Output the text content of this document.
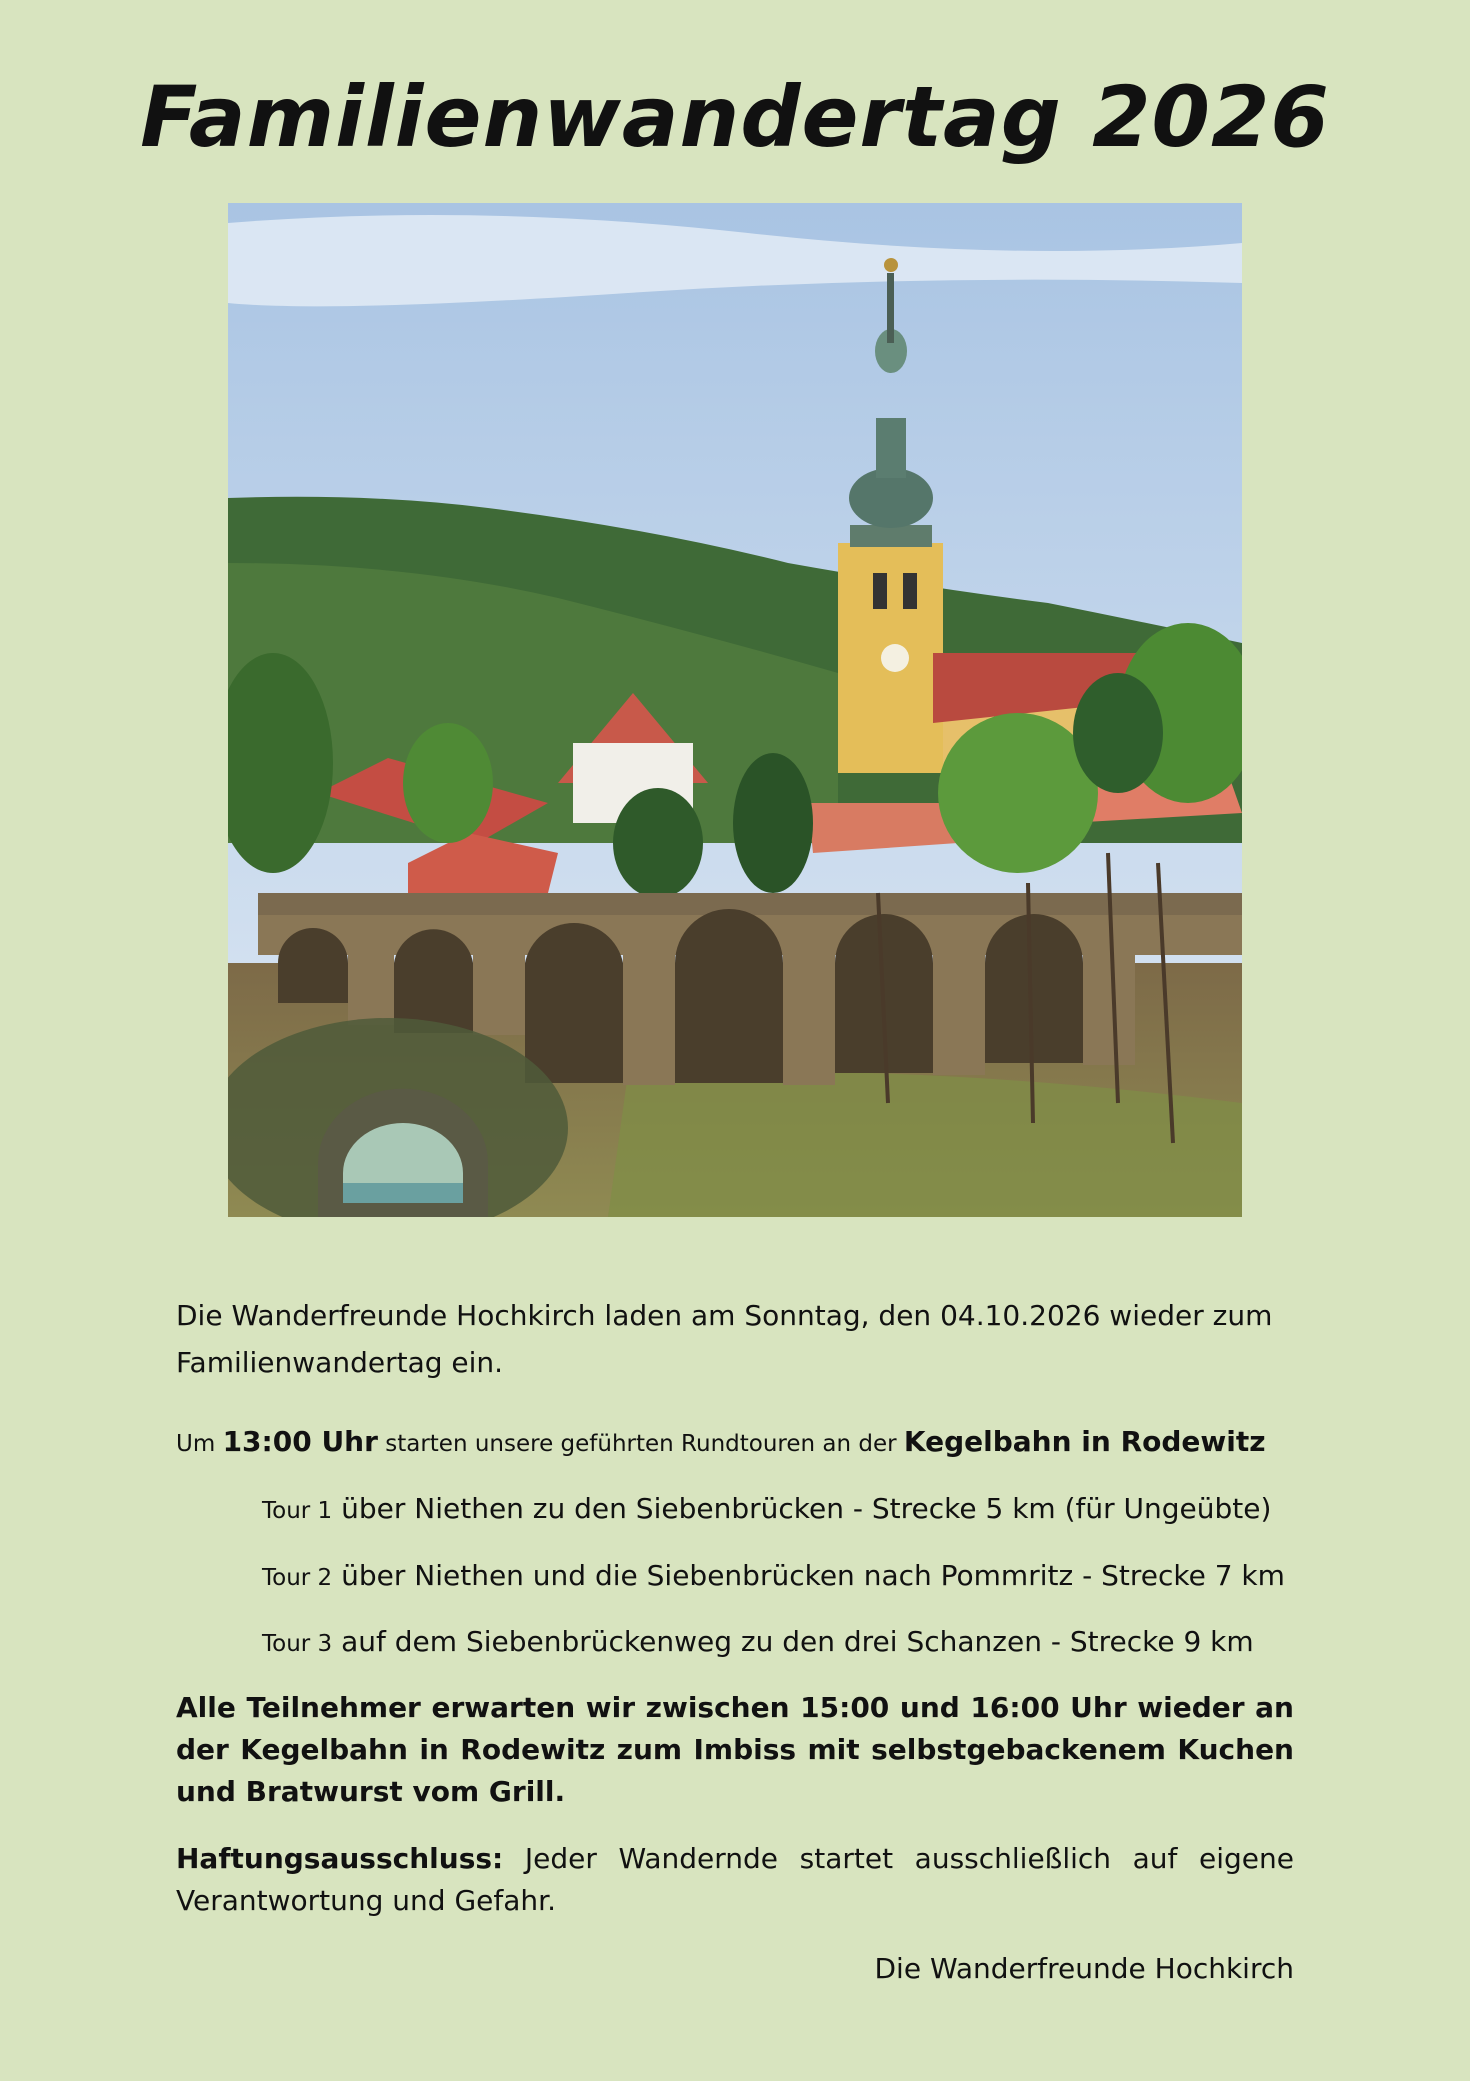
Familienwandertag 2026
Die Wanderfreunde Hochkirch laden am Sonntag, den 04.10.2026 wieder zum Familienwandertag ein.
Um 13:00 Uhr starten unsere geführten Rundtouren an der Kegelbahn in Rodewitz
Tour 1 über Niethen zu den Siebenbrücken - Strecke 5 km (für Ungeübte)
Tour 2 über Niethen und die Siebenbrücken nach Pommritz - Strecke 7 km
Tour 3 auf dem Siebenbrückenweg zu den drei Schanzen - Strecke 9 km
Alle Teilnehmer erwarten wir zwischen 15:00 und 16:00 Uhr wieder an der Kegelbahn in Rodewitz zum Imbiss mit selbstgebackenem Kuchen und Bratwurst vom Grill.
Haftungsausschluss: Jeder Wandernde startet ausschließlich auf eigene Verantwortung und Gefahr.
Die Wanderfreunde Hochkirch
